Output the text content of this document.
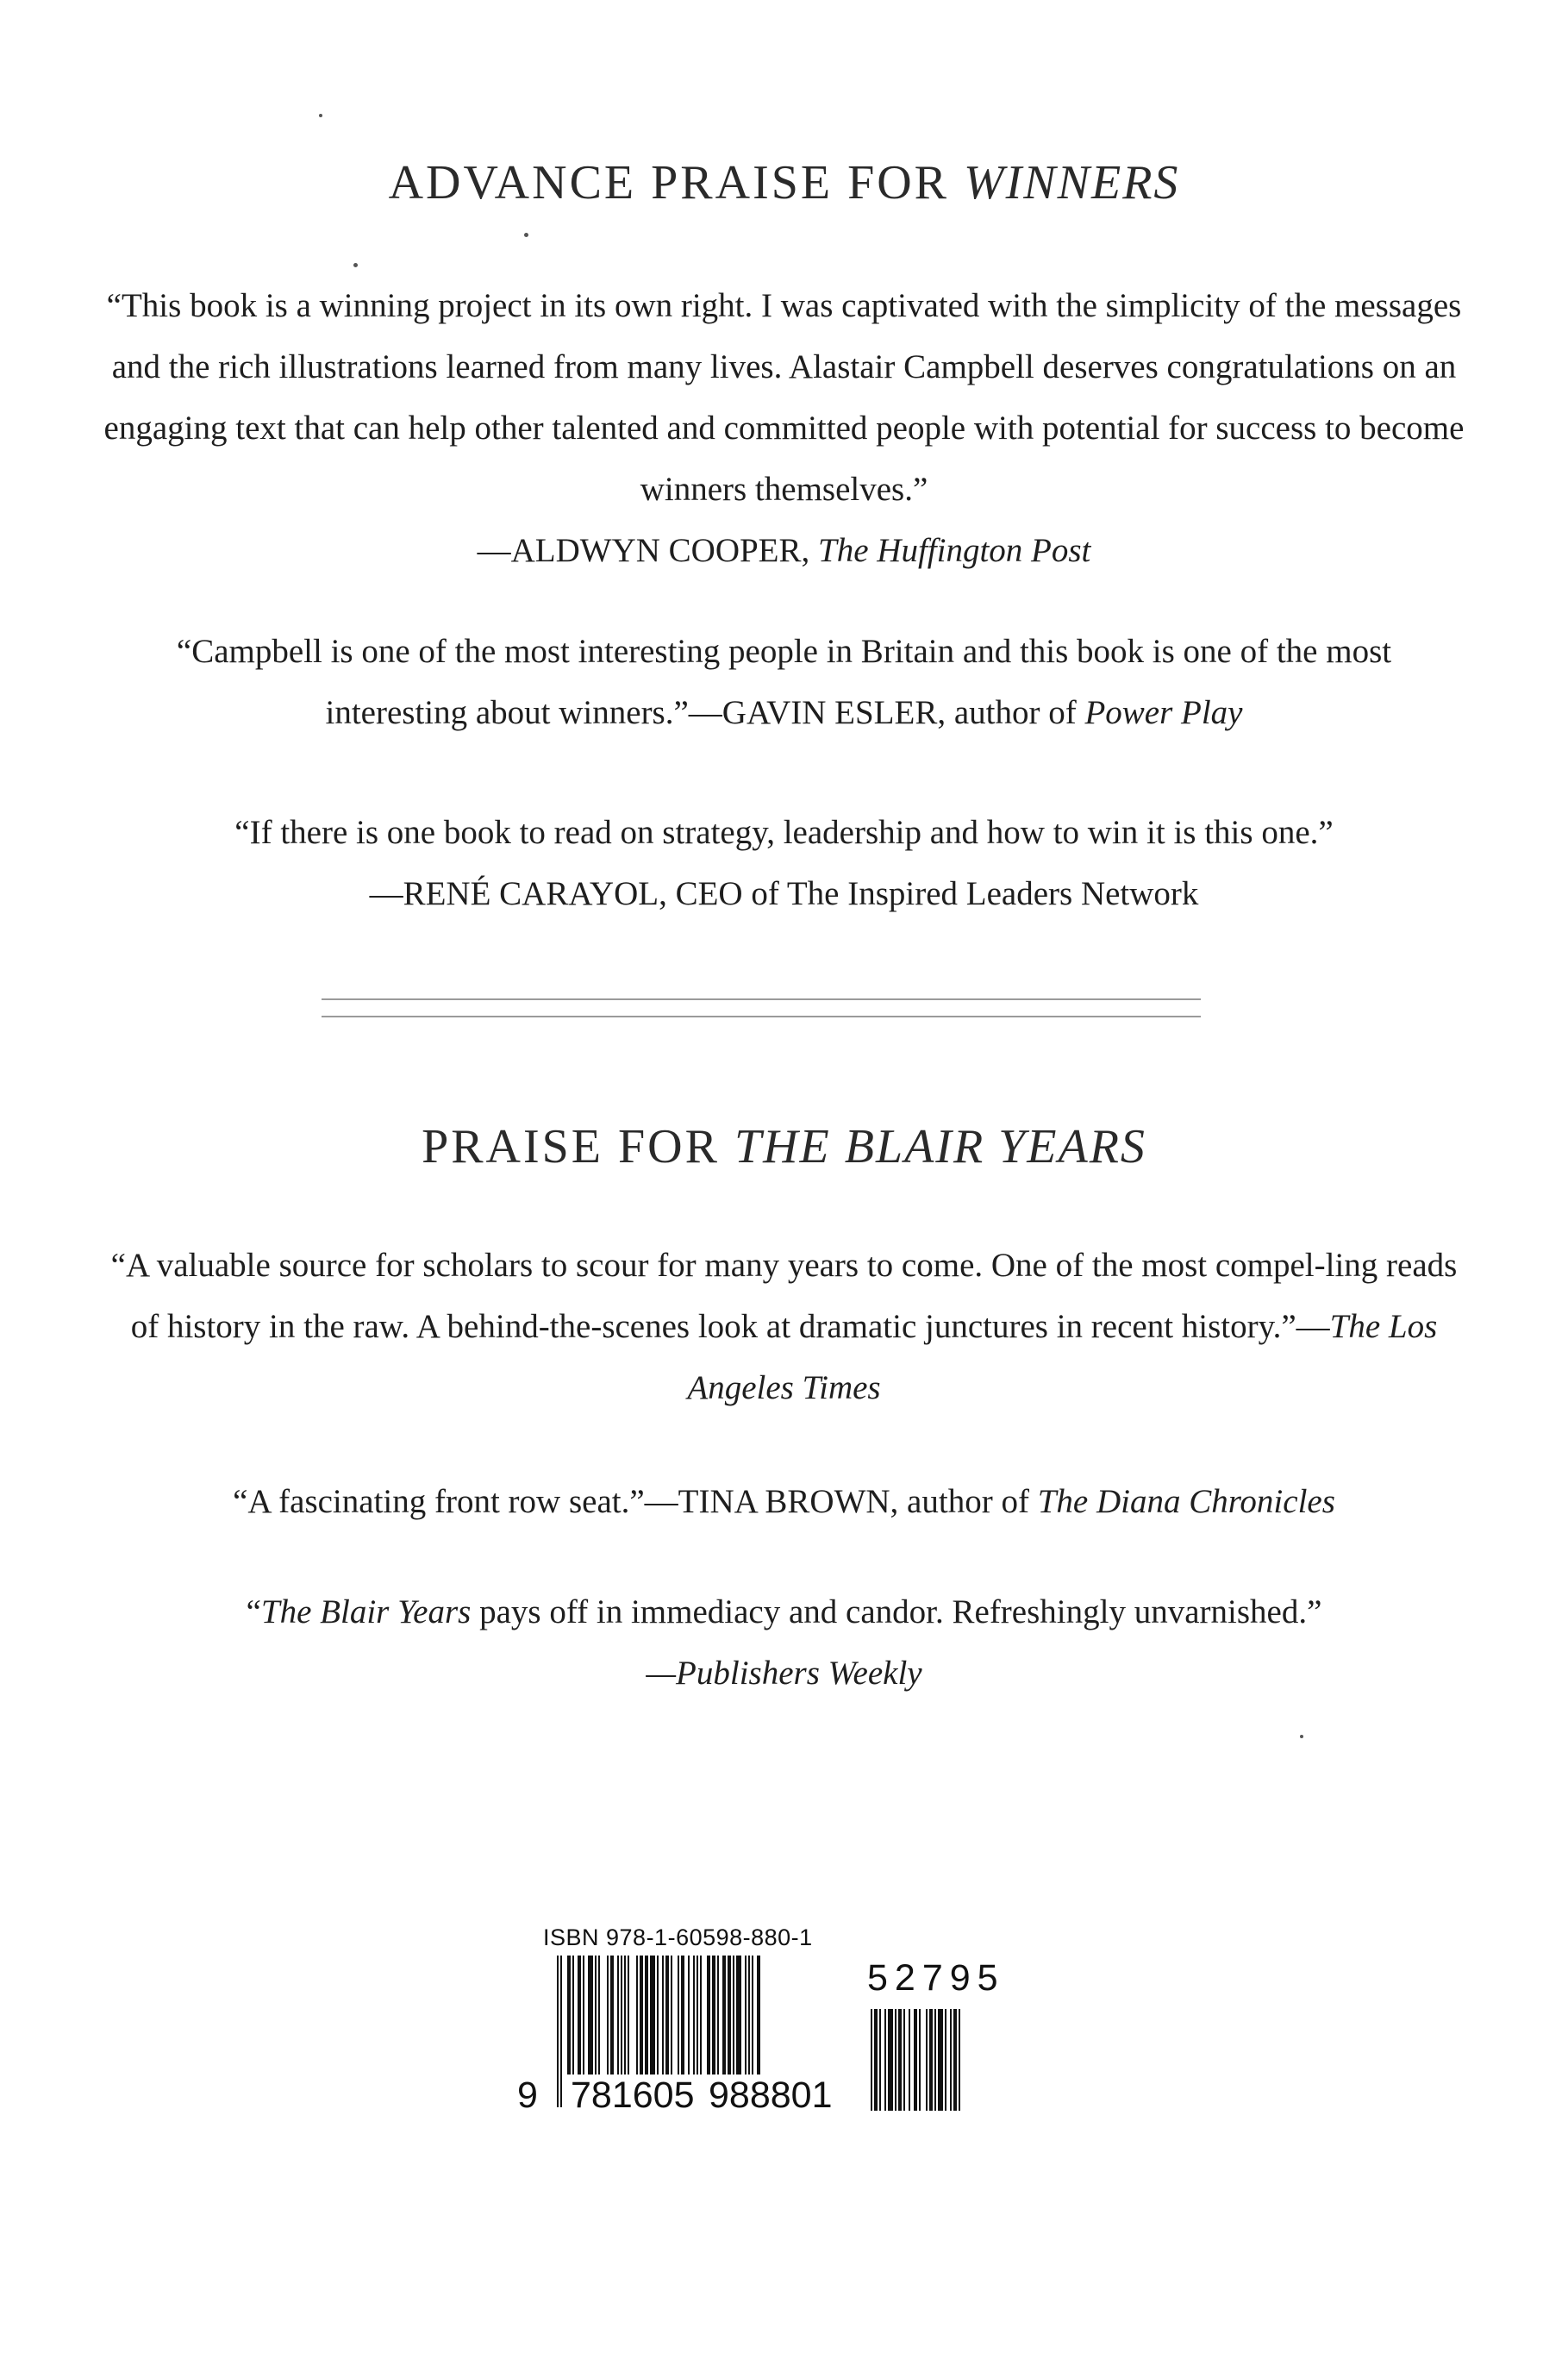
ADVANCE PRAISE FOR WINNERS

“This book is a winning project in its own right. I was captivated with the simplicity of the messages and the rich illustrations learned from many lives. Alastair Campbell deserves congratulations on an engaging text that can help other talented and committed people with potential for success to become winners themselves.”
—ALDWYN COOPER, The Huffington Post

“Campbell is one of the most interesting people in Britain and this book is one of the most interesting about winners.”—GAVIN ESLER, author of Power Play

“If there is one book to read on strategy, leadership and how to win it is this one.”
—RENÉ CARAYOL, CEO of The Inspired Leaders Network

PRAISE FOR THE BLAIR YEARS

“A valuable source for scholars to scour for many years to come. One of the most compel-ling reads of history in the raw. A behind-the-scenes look at dramatic junctures in recent history.”—The Los Angeles Times

“A fascinating front row seat.”—TINA BROWN, author of The Diana Chronicles

“The Blair Years pays off in immediacy and candor. Refreshingly unvarnished.”
—Publishers Weekly

ISBN 978-1-60598-880-1
52795
9 781605 988801
